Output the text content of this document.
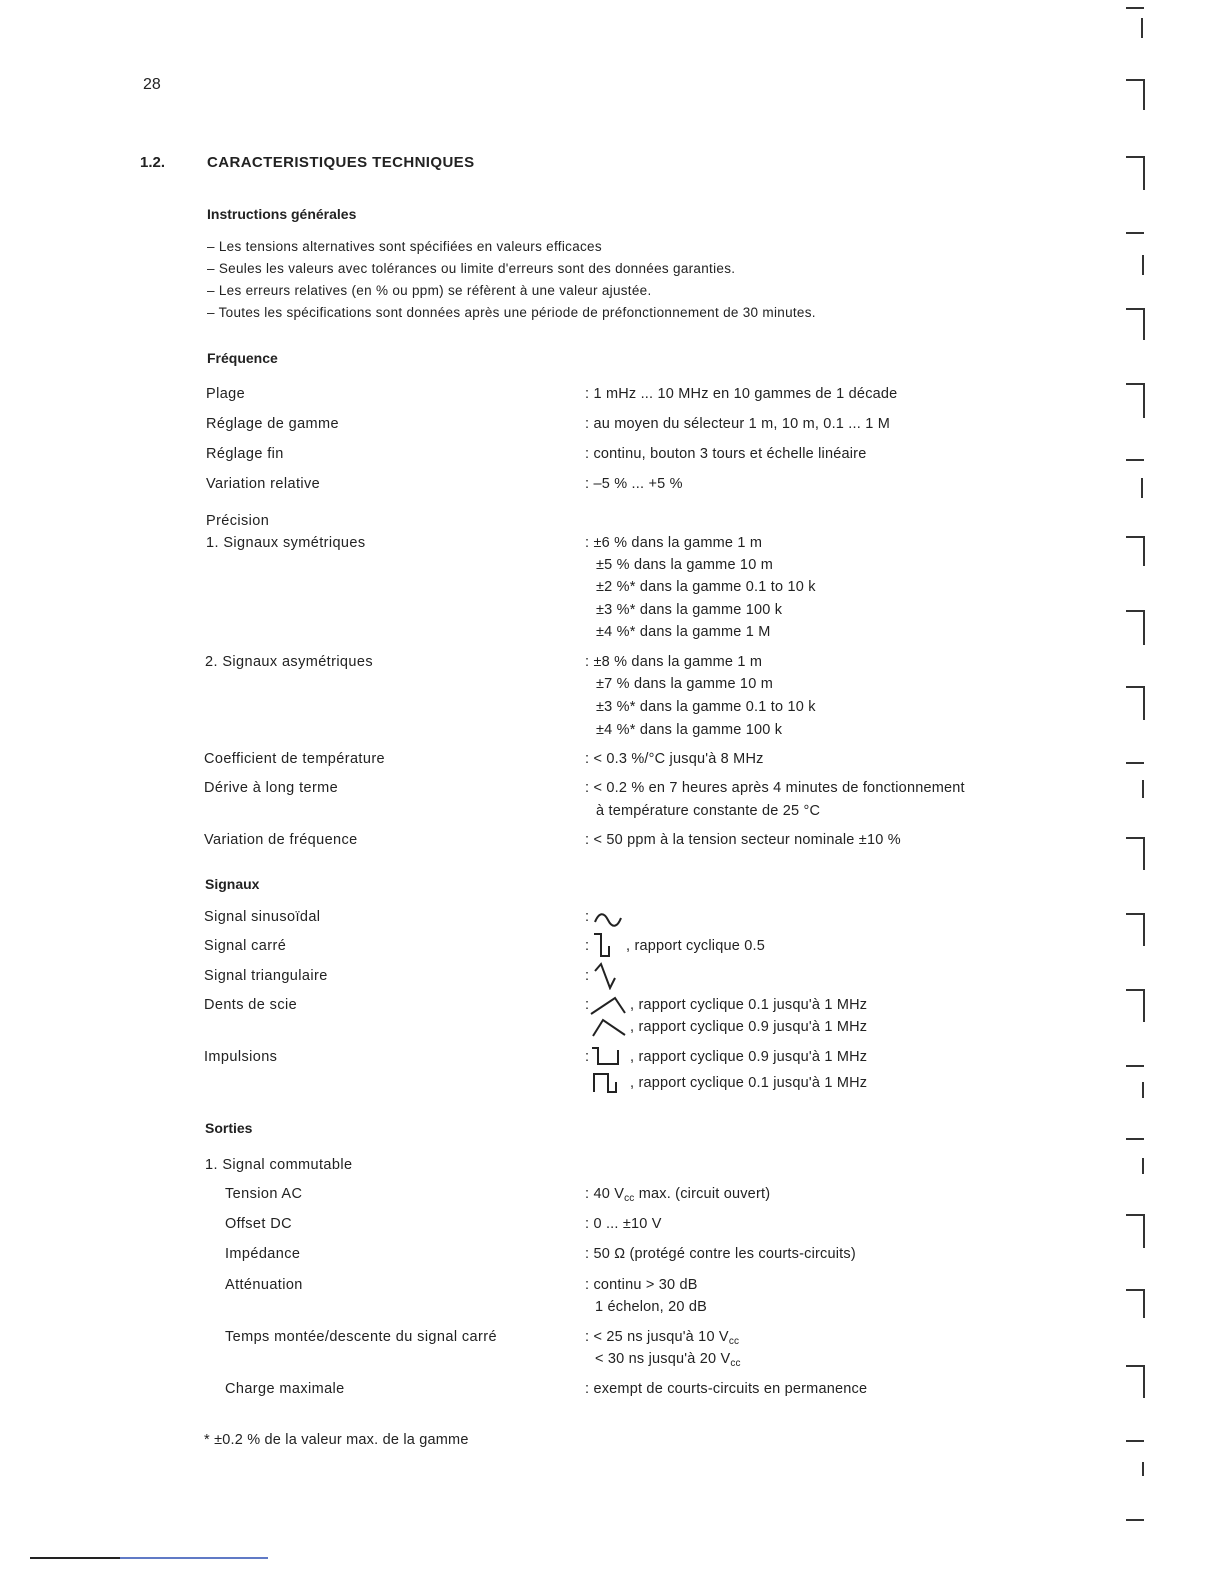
28
1.2.	CARACTERISTIQUES TECHNIQUES
Instructions générales
– Les tensions alternatives sont spécifiées en valeurs efficaces
– Seules les valeurs avec tolérances ou limite d'erreurs sont des données garanties.
– Les erreurs relatives (en % ou ppm) se réfèrent à une valeur ajustée.
– Toutes les spécifications sont données après une période de préfonctionnement de 30 minutes.
Fréquence
Plage	: 1 mHz ... 10 MHz en 10 gammes de 1 décade
Réglage de gamme	: au moyen du sélecteur 1 m, 10 m, 0.1 ... 1 M
Réglage fin	: continu, bouton 3 tours et échelle linéaire
Variation relative	: –5 % ... +5 %
Précision
1. Signaux symétriques	: ±6 % dans la gamme 1 m
±5 % dans la gamme 10 m
±2 %* dans la gamme 0.1 to 10 k
±3 %* dans la gamme 100 k
±4 %* dans la gamme 1 M
2. Signaux asymétriques	: ±8 % dans la gamme 1 m
±7 % dans la gamme 10 m
±3 %* dans la gamme 0.1 to 10 k
±4 %* dans la gamme 100 k
Coefficient de température	: < 0.3 %/°C jusqu'à 8 MHz
Dérive à long terme	: < 0.2 % en 7 heures après 4 minutes de fonctionnement
à température constante de 25 °C
Variation de fréquence	: < 50 ppm à la tension secteur nominale ±10 %
Signaux
Signal sinusoïdal	:
Signal carré	:	, rapport cyclique 0.5
Signal triangulaire	:
Dents de scie	:	, rapport cyclique 0.1 jusqu'à 1 MHz
, rapport cyclique 0.9 jusqu'à 1 MHz
Impulsions	:	, rapport cyclique 0.9 jusqu'à 1 MHz
, rapport cyclique 0.1 jusqu'à 1 MHz
Sorties
1. Signal commutable
Tension AC	: 40 $V_{cc}$ max. (circuit ouvert)
Offset DC	: 0 ... ±10 V
Impédance	: 50 Ω (protégé contre les courts-circuits)
Atténuation	: continu > 30 dB
1 échelon, 20 dB
Temps montée/descente du signal carré	: < 25 ns jusqu'à 10 $V_{cc}$
< 30 ns jusqu'à 20 $V_{cc}$
Charge maximale	: exempt de courts-circuits en permanence
* ±0.2 % de la valeur max. de la gamme
